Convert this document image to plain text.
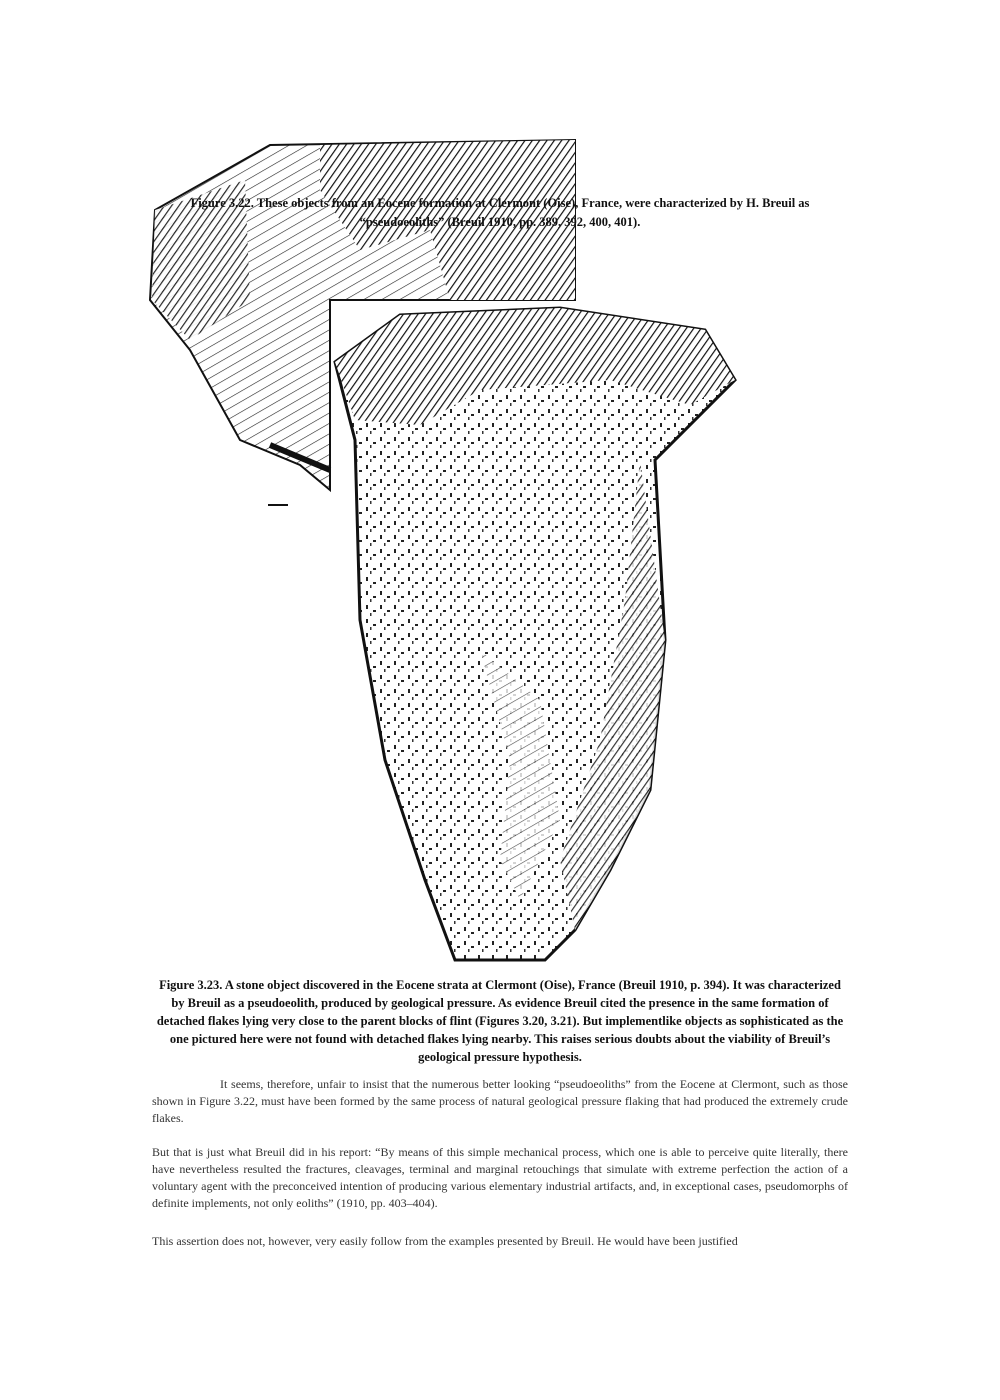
Figure 3.22. These objects from an Eocene formation at Clermont (Oise), France, were characterized by H. Breuil as “pseudoeoliths” (Breuil 1910, pp. 389, 392, 400, 401).

Figure 3.23. A stone object discovered in the Eocene strata at Clermont (Oise), France (Breuil 1910, p. 394). It was characterized by Breuil as a pseudoeolith, produced by geological pressure. As evidence Breuil cited the presence in the same formation of detached flakes lying very close to the parent blocks of flint (Figures 3.20, 3.21). But implementlike objects as sophisticated as the one pictured here were not found with detached flakes lying nearby. This raises serious doubts about the viability of Breuil’s geological pressure hypothesis.

It seems, therefore, unfair to insist that the numerous better looking “pseudoeoliths” from the Eocene at Clermont, such as those shown in Figure 3.22, must have been formed by the same process of natural geological pressure flaking that had produced the extremely crude flakes.

But that is just what Breuil did in his report: “By means of this simple mechanical process, which one is able to perceive quite literally, there have nevertheless resulted the fractures, cleavages, terminal and marginal retouchings that simulate with extreme perfection the action of a voluntary agent with the preconceived intention of producing various elementary industrial artifacts, and, in exceptional cases, pseudomorphs of definite implements, not only eoliths” (1910, pp. 403–404).

This assertion does not, however, very easily follow from the examples presented by Breuil. He would have been justified
